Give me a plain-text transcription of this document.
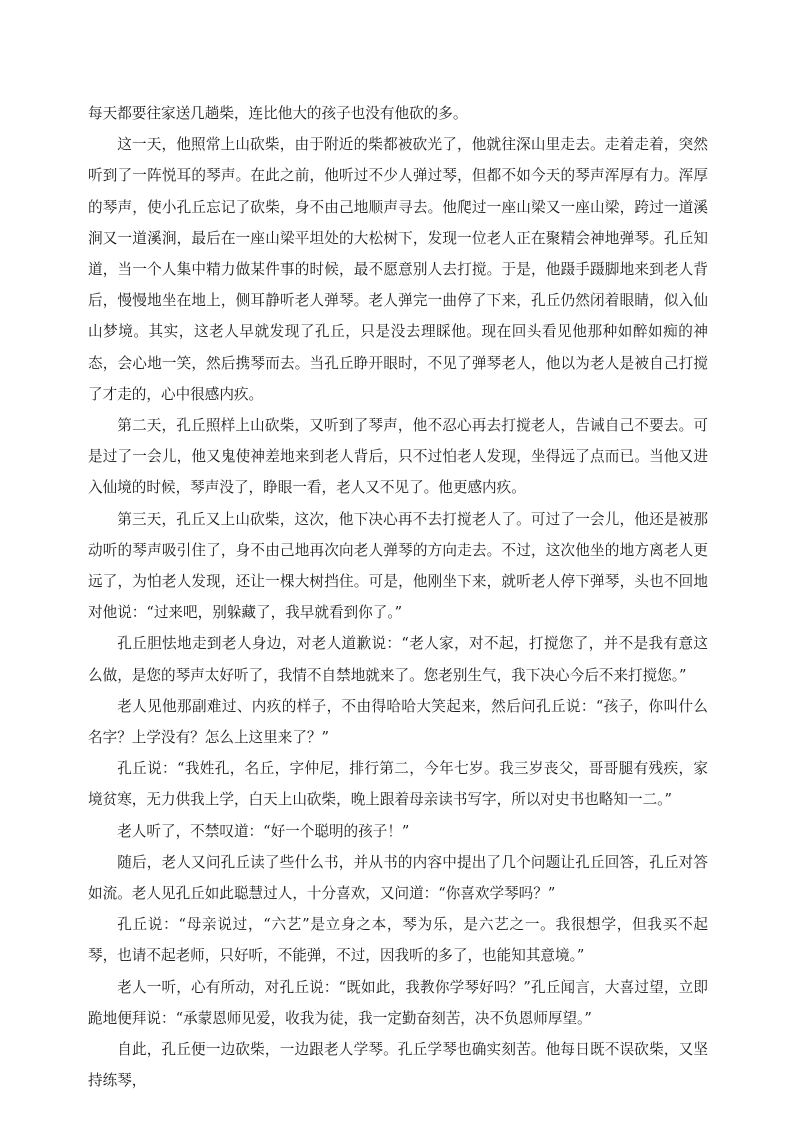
每天都要往家送几趟柴，连比他大的孩子也没有他砍的多。

这一天，他照常上山砍柴，由于附近的柴都被砍光了，他就往深山里走去。走着走着，突然听到了一阵悦耳的琴声。在此之前，他听过不少人弹过琴，但都不如今天的琴声浑厚有力。浑厚的琴声，使小孔丘忘记了砍柴，身不由己地顺声寻去。他爬过一座山梁又一座山梁，跨过一道溪涧又一道溪涧，最后在一座山梁平坦处的大松树下，发现一位老人正在聚精会神地弹琴。孔丘知道，当一个人集中精力做某件事的时候，最不愿意别人去打搅。于是，他蹑手蹑脚地来到老人背后，慢慢地坐在地上，侧耳静听老人弹琴。老人弹完一曲停了下来，孔丘仍然闭着眼睛，似入仙山梦境。其实，这老人早就发现了孔丘，只是没去理睬他。现在回头看见他那种如醉如痴的神态，会心地一笑，然后携琴而去。当孔丘睁开眼时，不见了弹琴老人，他以为老人是被自己打搅了才走的，心中很感内疚。

第二天，孔丘照样上山砍柴，又听到了琴声，他不忍心再去打搅老人，告诫自己不要去。可是过了一会儿，他又鬼使神差地来到老人背后，只不过怕老人发现，坐得远了点而已。当他又进入仙境的时候，琴声没了，睁眼一看，老人又不见了。他更感内疚。

第三天，孔丘又上山砍柴，这次，他下决心再不去打搅老人了。可过了一会儿，他还是被那动听的琴声吸引住了，身不由己地再次向老人弹琴的方向走去。不过，这次他坐的地方离老人更远了，为怕老人发现，还让一棵大树挡住。可是，他刚坐下来，就听老人停下弹琴，头也不回地对他说：“过来吧，别躲藏了，我早就看到你了。”

孔丘胆怯地走到老人身边，对老人道歉说：“老人家，对不起，打搅您了，并不是我有意这么做，是您的琴声太好听了，我情不自禁地就来了。您老别生气，我下决心今后不来打搅您。”

老人见他那副难过、内疚的样子，不由得哈哈大笑起来，然后问孔丘说：“孩子，你叫什么名字？上学没有？怎么上这里来了？”

孔丘说：“我姓孔，名丘，字仲尼，排行第二，今年七岁。我三岁丧父，哥哥腿有残疾，家境贫寒，无力供我上学，白天上山砍柴，晚上跟着母亲读书写字，所以对史书也略知一二。”

老人听了，不禁叹道：“好一个聪明的孩子！”

随后，老人又问孔丘读了些什么书，并从书的内容中提出了几个问题让孔丘回答，孔丘对答如流。老人见孔丘如此聪慧过人，十分喜欢，又问道：“你喜欢学琴吗？”

孔丘说：“母亲说过，“六艺”是立身之本，琴为乐，是六艺之一。我很想学，但我买不起琴，也请不起老师，只好听，不能弹，不过，因我听的多了，也能知其意境。”

老人一听，心有所动，对孔丘说：“既如此，我教你学琴好吗？”孔丘闻言，大喜过望，立即跪地便拜说：“承蒙恩师见爱，收我为徒，我一定勤奋刻苦，决不负恩师厚望。”

自此，孔丘便一边砍柴，一边跟老人学琴。孔丘学琴也确实刻苦。他每日既不误砍柴，又坚持练琴，
